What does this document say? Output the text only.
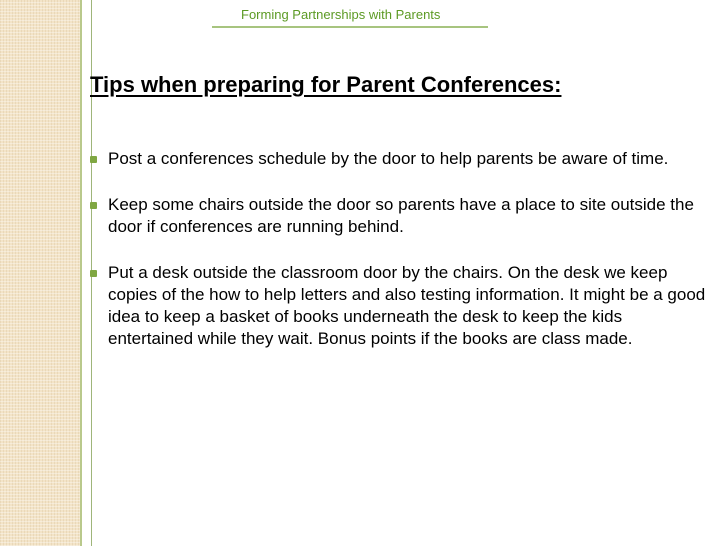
Forming Partnerships with Parents
Tips when preparing for Parent Conferences:
Post a conferences schedule by the door to help parents be aware of time.
Keep some chairs outside the door so parents have a place to site outside the door if conferences are running behind.
Put a desk outside the classroom door by the chairs. On the desk we keep copies of the how to help letters and also testing information. It might be a good idea to keep a basket of books underneath the desk to keep the kids entertained while they wait. Bonus points if the books are class made.
